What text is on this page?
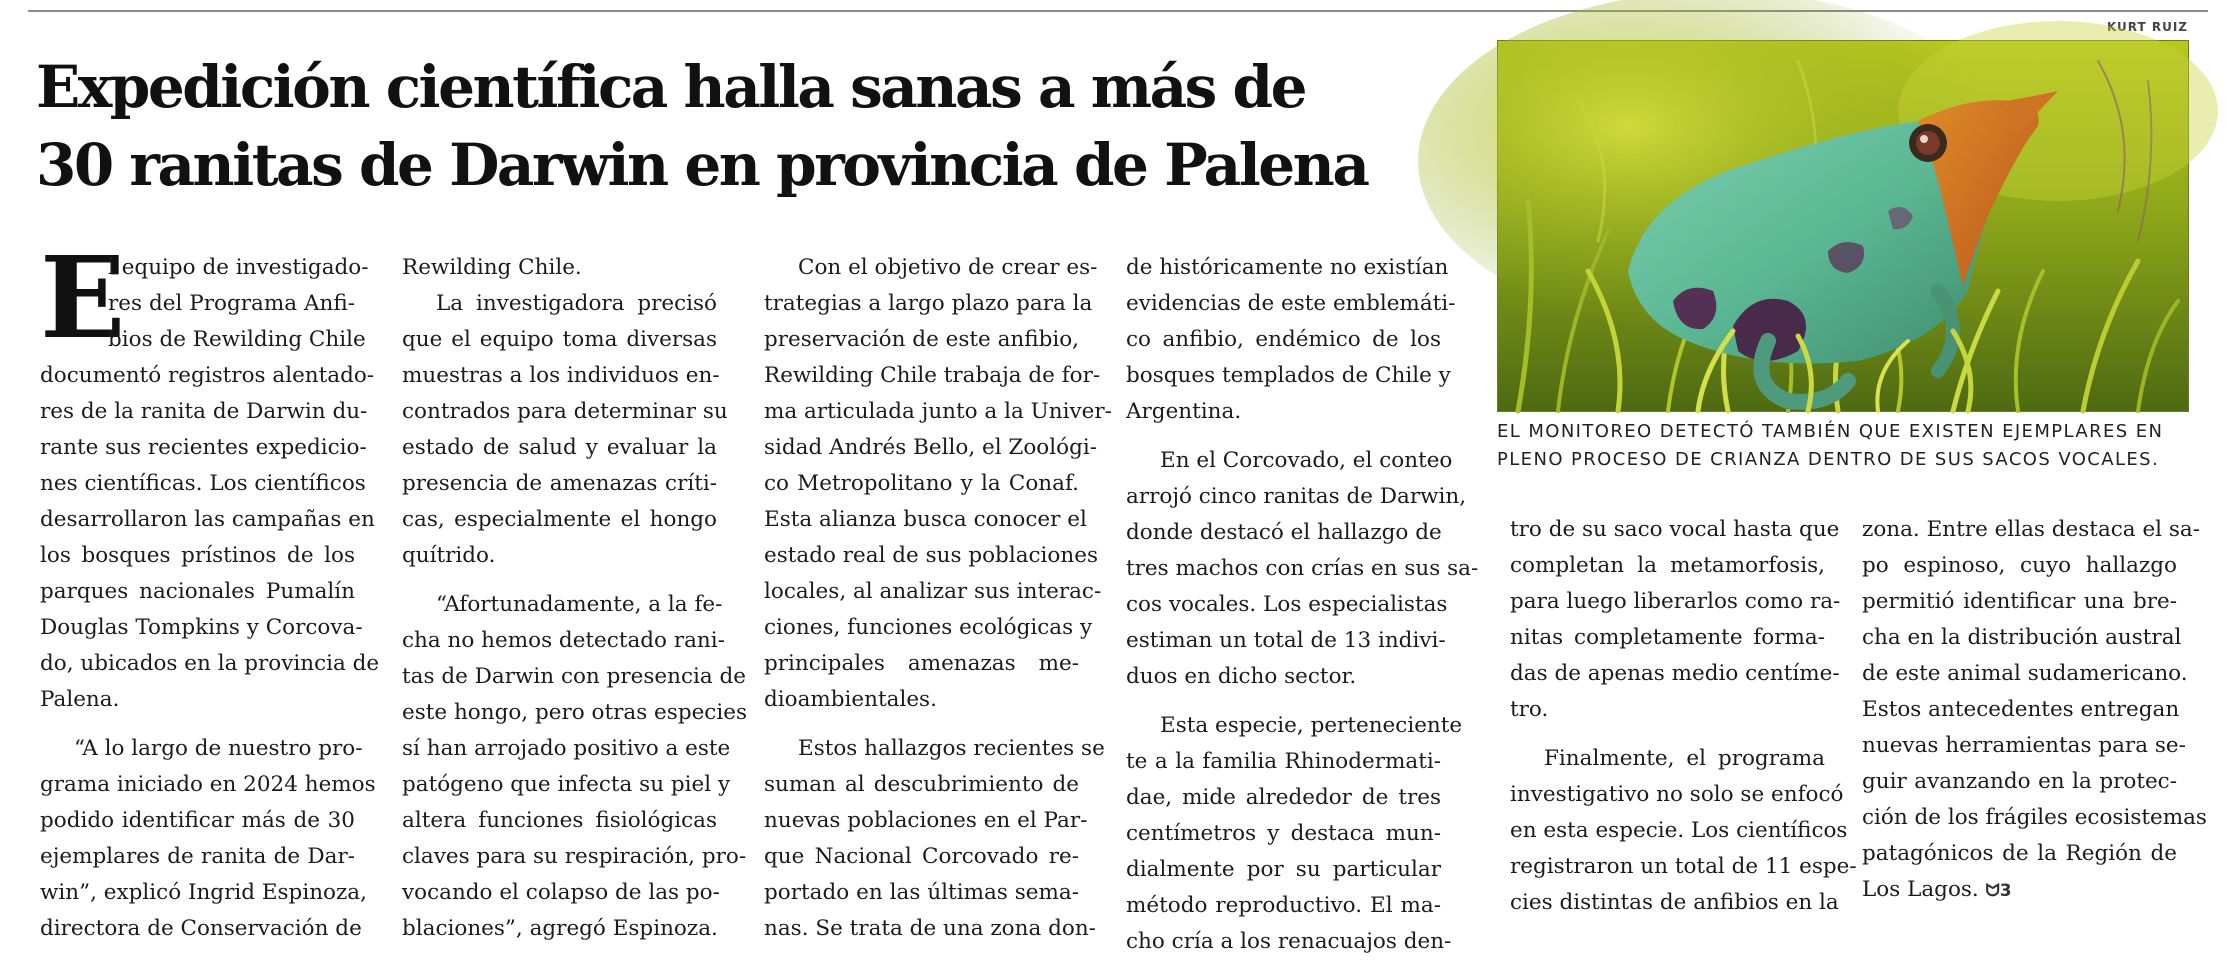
Expedición científica halla sanas a más de
30 ranitas de Darwin en provincia de Palena
E
l equipo de investigado-
res del Programa Anfi-
bios de Rewilding Chile
documentó registros alentado-
res de la ranita de Darwin du-
rante sus recientes expedicio-
nes científicas. Los científicos
desarrollaron las campañas en
los bosques prístinos de los
parques nacionales Pumalín
Douglas Tompkins y Corcova-
do, ubicados en la provincia de
Palena.
“A lo largo de nuestro pro-
grama iniciado en 2024 hemos
podido identificar más de 30
ejemplares de ranita de Dar-
win”, explicó Ingrid Espinoza,
directora de Conservación de
Rewilding Chile.
La investigadora precisó
que el equipo toma diversas
muestras a los individuos en-
contrados para determinar su
estado de salud y evaluar la
presencia de amenazas críti-
cas, especialmente el hongo
quítrido.
“Afortunadamente, a la fe-
cha no hemos detectado rani-
tas de Darwin con presencia de
este hongo, pero otras especies
sí han arrojado positivo a este
patógeno que infecta su piel y
altera funciones fisiológicas
claves para su respiración, pro-
vocando el colapso de las po-
blaciones”, agregó Espinoza.
Con el objetivo de crear es-
trategias a largo plazo para la
preservación de este anfibio,
Rewilding Chile trabaja de for-
ma articulada junto a la Univer-
sidad Andrés Bello, el Zoológi-
co Metropolitano y la Conaf.
Esta alianza busca conocer el
estado real de sus poblaciones
locales, al analizar sus interac-
ciones, funciones ecológicas y
principales amenazas me-
dioambientales.
Estos hallazgos recientes se
suman al descubrimiento de
nuevas poblaciones en el Par-
que Nacional Corcovado re-
portado en las últimas sema-
nas. Se trata de una zona don-
de históricamente no existían
evidencias de este emblemáti-
co anfibio, endémico de los
bosques templados de Chile y
Argentina.
En el Corcovado, el conteo
arrojó cinco ranitas de Darwin,
donde destacó el hallazgo de
tres machos con crías en sus sa-
cos vocales. Los especialistas
estiman un total de 13 indivi-
duos en dicho sector.
Esta especie, perteneciente
te a la familia Rhinodermati-
dae, mide alrededor de tres
centímetros y destaca mun-
dialmente por su particular
método reproductivo. El ma-
cho cría a los renacuajos den-
tro de su saco vocal hasta que
completan la metamorfosis,
para luego liberarlos como ra-
nitas completamente forma-
das de apenas medio centíme-
tro.
Finalmente, el programa
investigativo no solo se enfocó
en esta especie. Los científicos
registraron un total de 11 espe-
cies distintas de anfibios en la
zona. Entre ellas destaca el sa-
po espinoso, cuyo hallazgo
permitió identificar una bre-
cha en la distribución austral
de este animal sudamericano.
Estos antecedentes entregan
nuevas herramientas para se-
guir avanzando en la protec-
ción de los frágiles ecosistemas
patagónicos de la Región de
Los Lagos. ᗢ3
KURT RUIZ
EL MONITOREO DETECTÓ TAMBIÉN QUE EXISTEN EJEMPLARES EN
PLENO PROCESO DE CRIANZA DENTRO DE SUS SACOS VOCALES.
